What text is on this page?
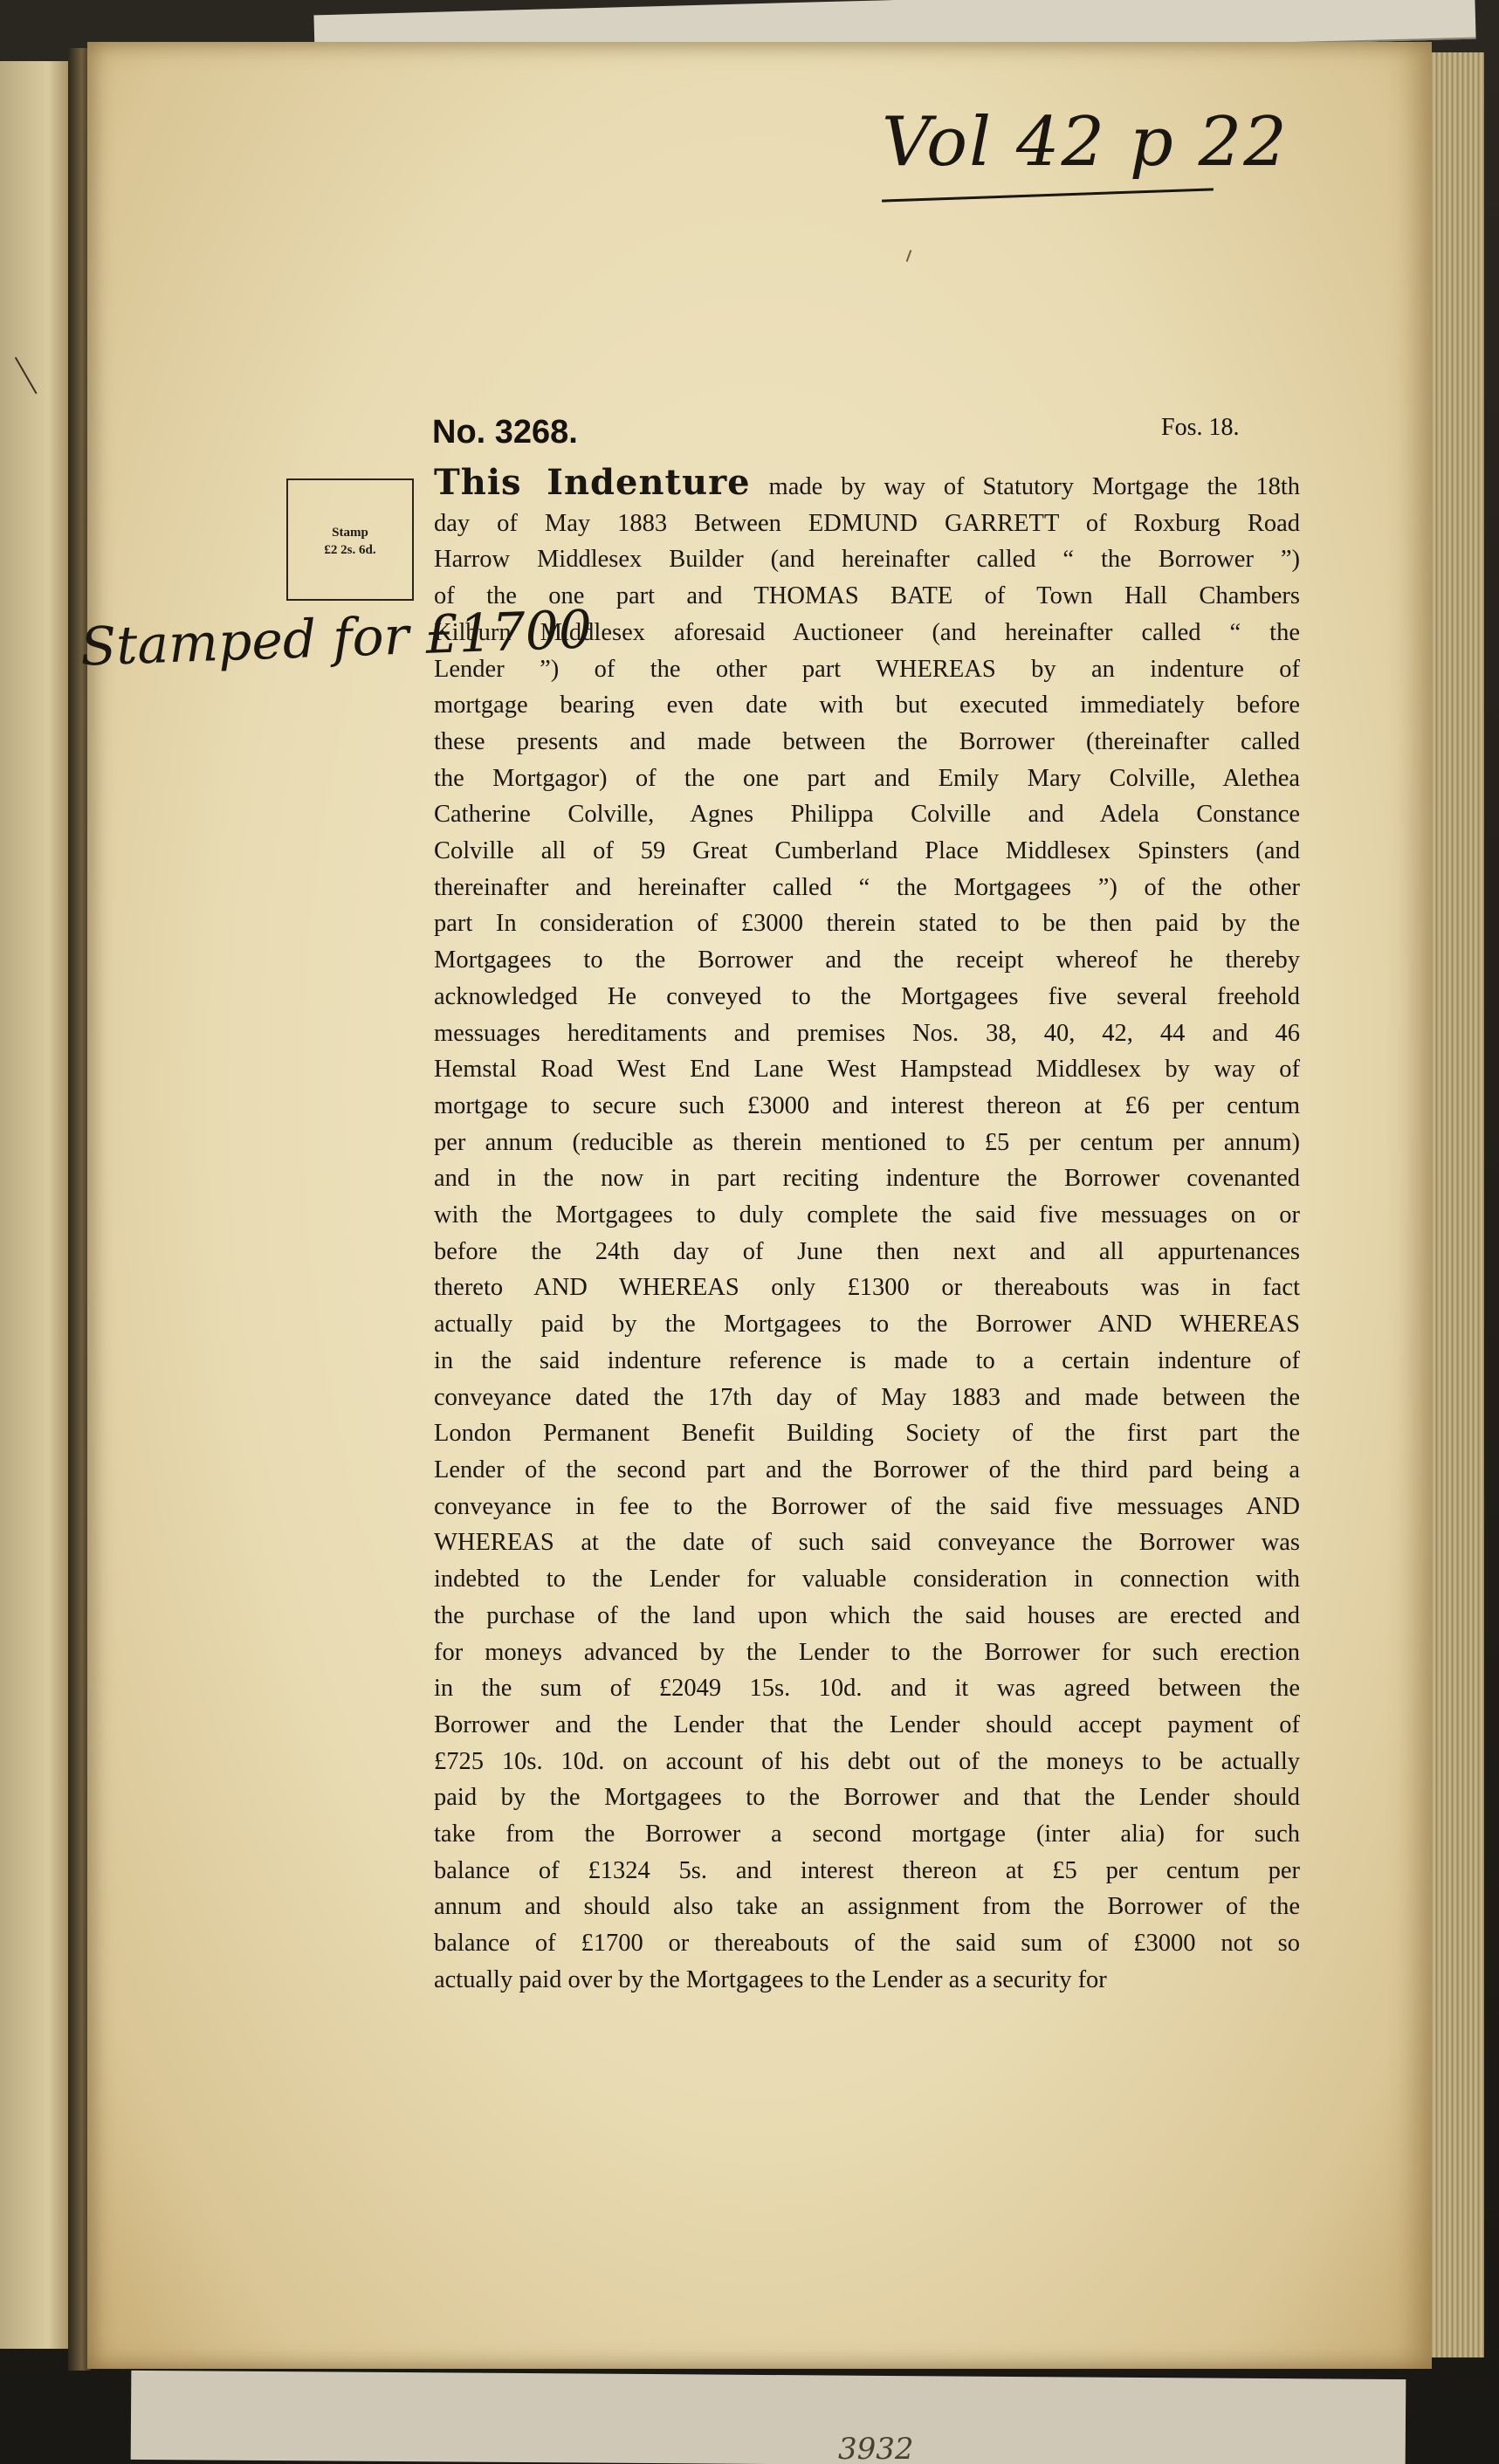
Vol 42 p 22
Stamp
£2 2s. 6d.
Stamped for £1700
No. 3268.	Fos. 18.
This Indenture made by way of Statutory Mortgage the 18th
day of May 1883 Between EDMUND GARRETT of Roxburg Road
Harrow Middlesex Builder (and hereinafter called “ the Borrower ”)
of the one part and THOMAS BATE of Town Hall Chambers
Kilburn Middlesex aforesaid Auctioneer (and hereinafter called “ the
Lender ”) of the other part WHEREAS by an indenture of
mortgage bearing even date with but executed immediately before
these presents and made between the Borrower (thereinafter called
the Mortgagor) of the one part and Emily Mary Colville, Alethea
Catherine Colville, Agnes Philippa Colville and Adela Constance
Colville all of 59 Great Cumberland Place Middlesex Spinsters (and
thereinafter and hereinafter called “ the Mortgagees ”) of the other
part In consideration of £3000 therein stated to be then paid by the
Mortgagees to the Borrower and the receipt whereof he thereby
acknowledged He conveyed to the Mortgagees five several freehold
messuages hereditaments and premises Nos. 38, 40, 42, 44 and 46
Hemstal Road West End Lane West Hampstead Middlesex by way of
mortgage to secure such £3000 and interest thereon at £6 per centum
per annum (reducible as therein mentioned to £5 per centum per annum)
and in the now in part reciting indenture the Borrower covenanted
with the Mortgagees to duly complete the said five messuages on or
before the 24th day of June then next and all appurtenances
thereto AND WHEREAS only £1300 or thereabouts was in fact
actually paid by the Mortgagees to the Borrower AND WHEREAS
in the said indenture reference is made to a certain indenture of
conveyance dated the 17th day of May 1883 and made between the
London Permanent Benefit Building Society of the first part the
Lender of the second part and the Borrower of the third pard being a
conveyance in fee to the Borrower of the said five messuages AND
WHEREAS at the date of such said conveyance the Borrower was
indebted to the Lender for valuable consideration in connection with
the purchase of the land upon which the said houses are erected and
for moneys advanced by the Lender to the Borrower for such erection
in the sum of £2049 15s. 10d. and it was agreed between the
Borrower and the Lender that the Lender should accept payment of
£725 10s. 10d. on account of his debt out of the moneys to be actually
paid by the Mortgagees to the Borrower and that the Lender should
take from the Borrower a second mortgage (inter alia) for such
balance of £1324 5s. and interest thereon at £5 per centum per
annum and should also take an assignment from the Borrower of the
balance of £1700 or thereabouts of the said sum of £3000 not so
actually paid over by the Mortgagees to the Lender as a security for
3932
